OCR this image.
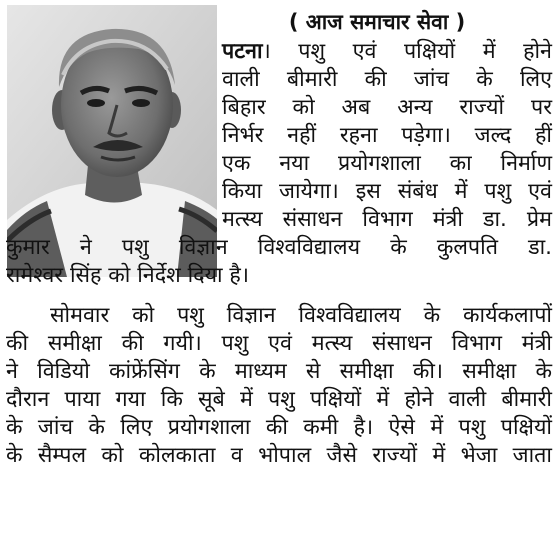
( आज समाचार सेवा )
पटना। पशु एवं पक्षियों में होने
वाली बीमारी की जांच के लिए
बिहार को अब अन्य राज्यों पर
निर्भर नहीं रहना पड़ेगा। जल्द हीं
एक नया प्रयोगशाला का निर्माण
किया जायेगा। इस संबंध में पशु एवं
मत्स्य संसाधन विभाग मंत्री डा. प्रेम
कुमार ने पशु विज्ञान विश्वविद्यालय के कुलपति डा.
रामेश्वर सिंह को निर्देश दिया है।
सोमवार को पशु विज्ञान विश्वविद्यालय के कार्यकलापों
की समीक्षा की गयी। पशु एवं मत्स्य संसाधन विभाग मंत्री
ने विडियो कांफ्रेंसिंग के माध्यम से समीक्षा की। समीक्षा के
दौरान पाया गया कि सूबे में पशु पक्षियों में होने वाली बीमारी
के जांच के लिए प्रयोगशाला की कमी है। ऐसे में पशु पक्षियों
के सैम्पल को कोलकाता व भोपाल जैसे राज्यों में भेजा जाता
